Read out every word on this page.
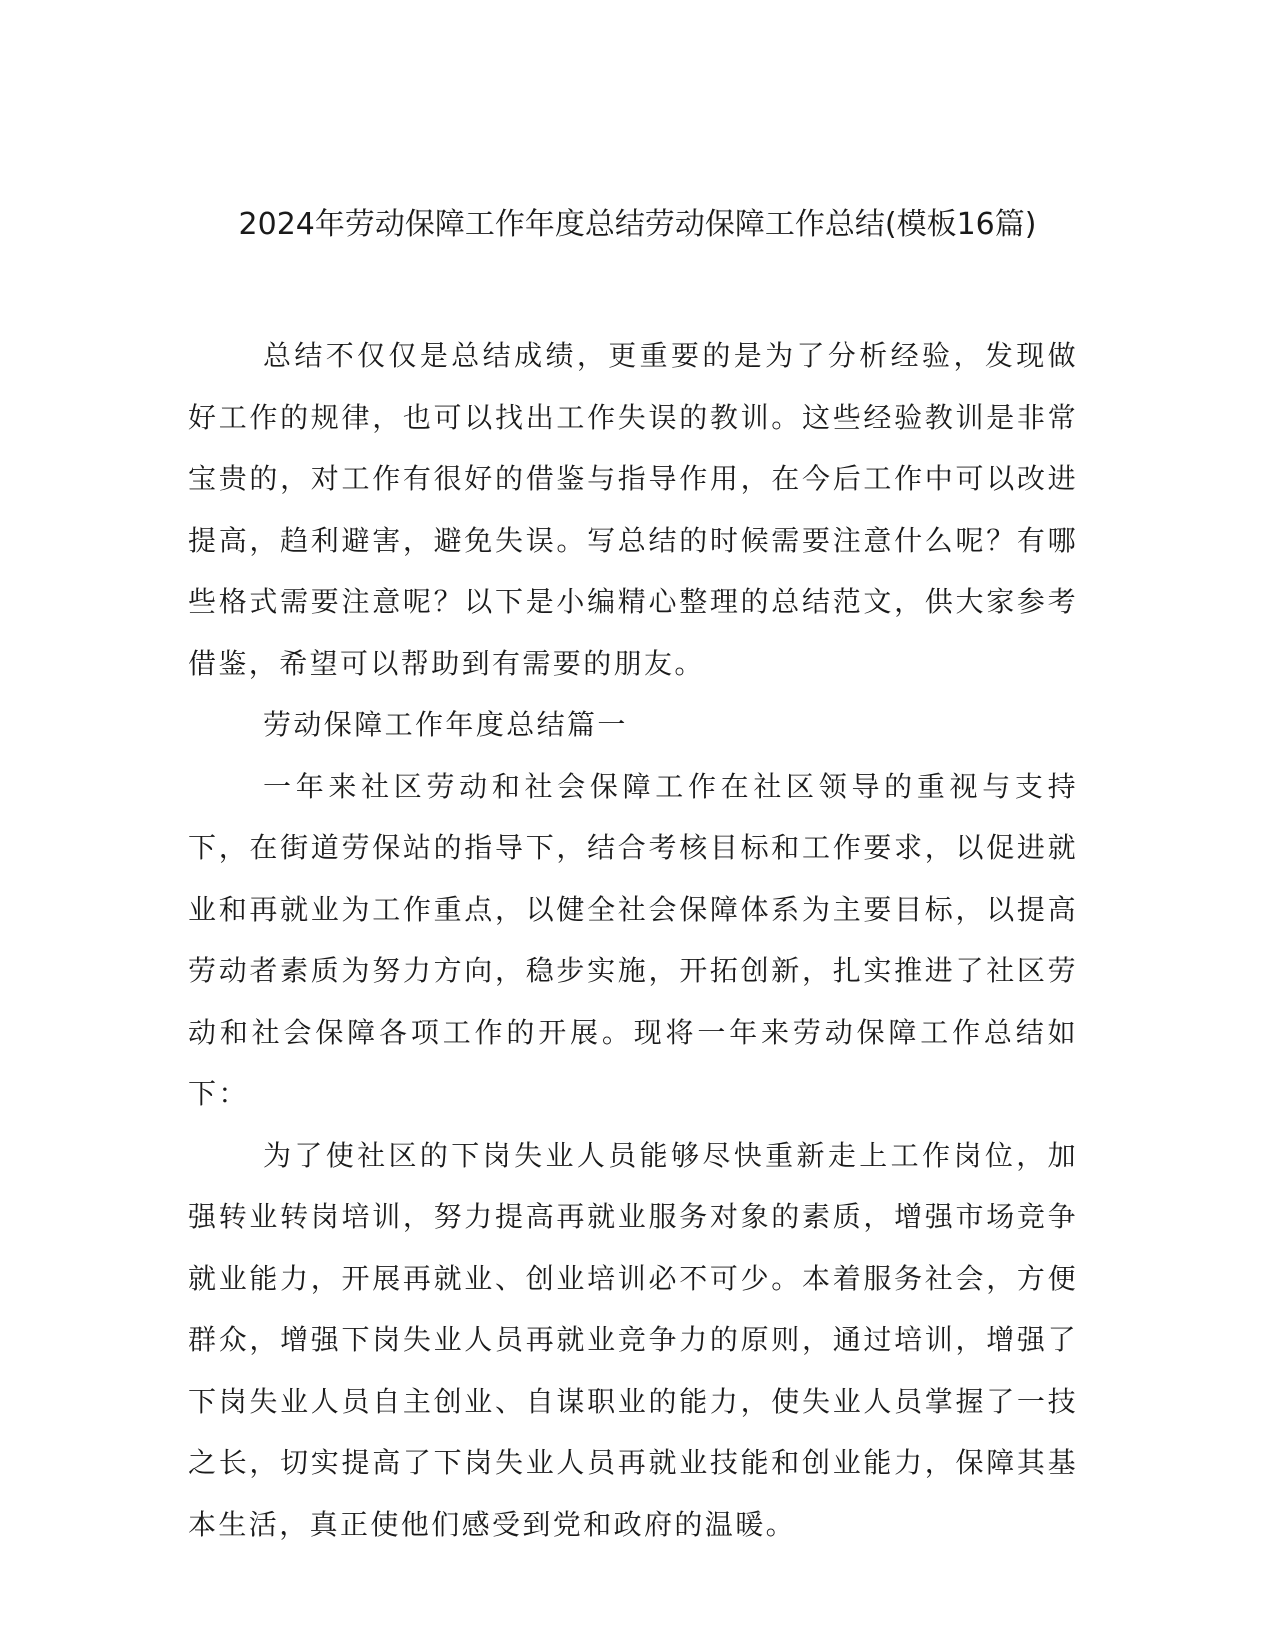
2024年劳动保障工作年度总结劳动保障工作总结(模板16篇)

总结不仅仅是总结成绩，更重要的是为了分析经验，发现做好工作的规律，也可以找出工作失误的教训。这些经验教训是非常宝贵的，对工作有很好的借鉴与指导作用，在今后工作中可以改进提高，趋利避害，避免失误。写总结的时候需要注意什么呢？有哪些格式需要注意呢？以下是小编精心整理的总结范文，供大家参考借鉴，希望可以帮助到有需要的朋友。

劳动保障工作年度总结篇一

一年来社区劳动和社会保障工作在社区领导的重视与支持下，在街道劳保站的指导下，结合考核目标和工作要求，以促进就业和再就业为工作重点，以健全社会保障体系为主要目标，以提高劳动者素质为努力方向，稳步实施，开拓创新，扎实推进了社区劳动和社会保障各项工作的开展。现将一年来劳动保障工作总结如下：

为了使社区的下岗失业人员能够尽快重新走上工作岗位，加强转业转岗培训，努力提高再就业服务对象的素质，增强市场竞争就业能力，开展再就业、创业培训必不可少。本着服务社会，方便群众，增强下岗失业人员再就业竞争力的原则，通过培训，增强了下岗失业人员自主创业、自谋职业的能力，使失业人员掌握了一技之长，切实提高了下岗失业人员再就业技能和创业能力，保障其基本生活，真正使他们感受到党和政府的温暖。
